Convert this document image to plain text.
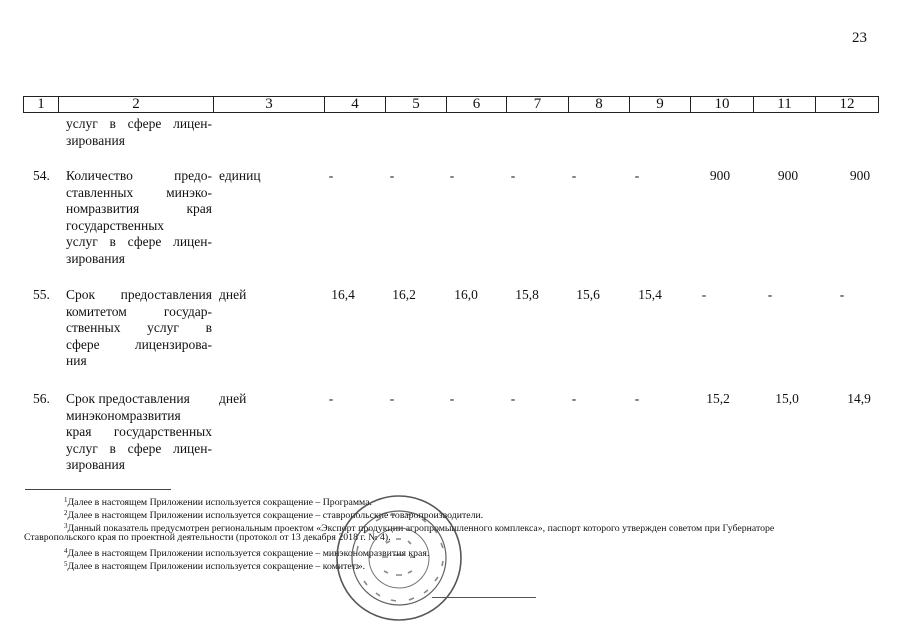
23
1	2	3	4	5	6	7	8	9	10	11	12
услуг в сфере лицен-
зирования
54. Количество предо-
ставленных минэко-
номразвития края
государственных
услуг в сфере лицен-
зирования
единиц	-	-	-	-	-	-	900	900	900
55. Срок предоставления
комитетом государ-
ственных услуг в
сфере лицензирова-
ния
дней	16,4	16,2	16,0	15,8	15,6	15,4	-	-	-
56. Срок предоставления
минэкономразвития
края государственных
услуг в сфере лицен-
зирования
дней	-	-	-	-	-	-	15,2	15,0	14,9
$^1$Далее в настоящем Приложении используется сокращение – Программа.
$^2$Далее в настоящем Приложении используется сокращение – ставропольские товаропроизводители.
$^3$Данный показатель предусмотрен региональным проектом «Экспорт продукции агропромышленного комплекса», паспорт которого утвержден советом при Губернаторе
Ставропольского края по проектной деятельности (протокол от 13 декабря 2018 г. № 4).
$^4$Далее в настоящем Приложении используется сокращение – минэкономразвития края.
$^5$Далее в настоящем Приложении используется сокращение – комитет.».
